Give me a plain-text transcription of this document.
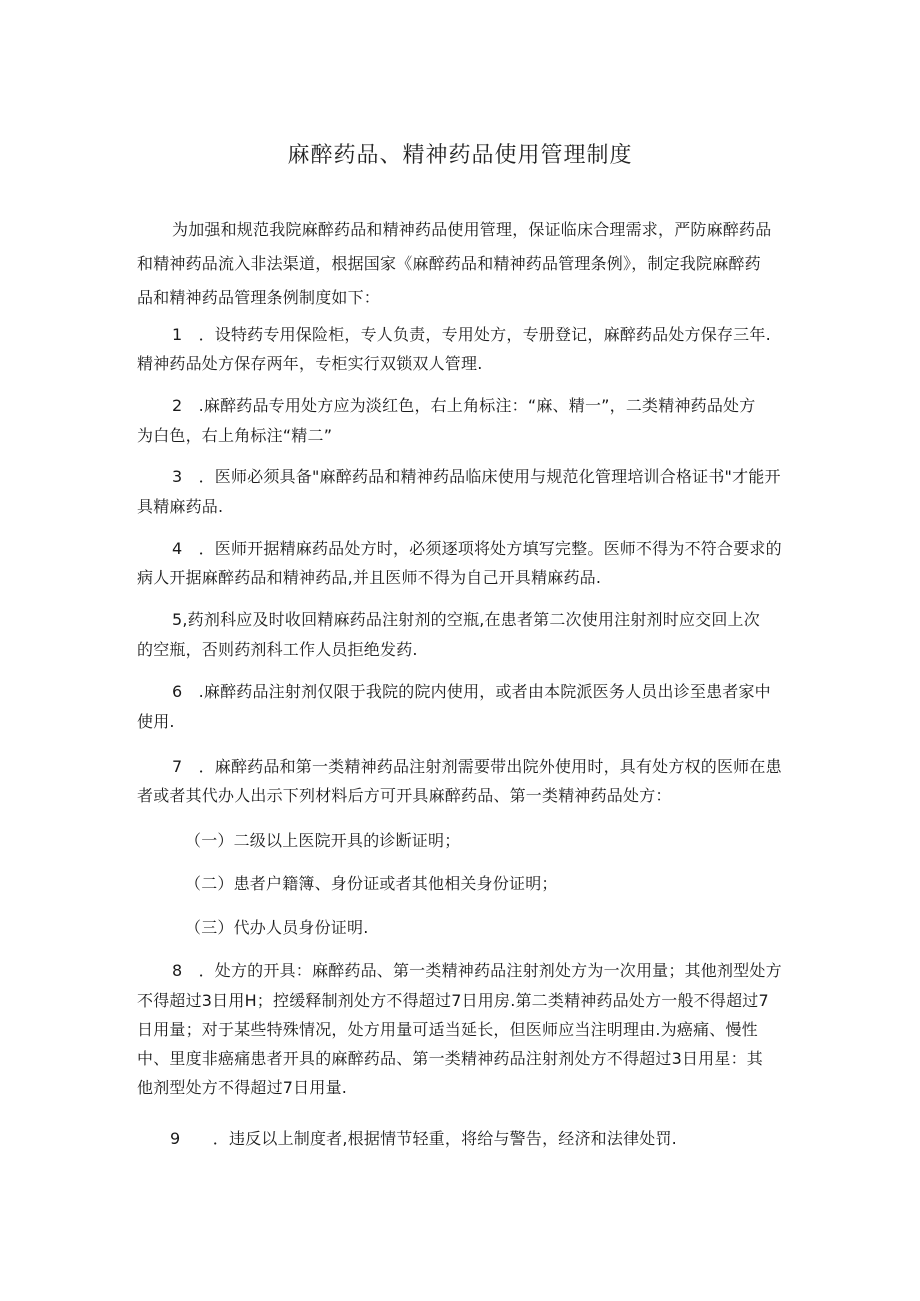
麻醉药品、精神药品使用管理制度
为加强和规范我院麻醉药品和精神药品使用管理，保证临床合理需求，严防麻醉药品
和精神药品流入非法渠道，根据国家《麻醉药品和精神药品管理条例》，制定我院麻醉药
品和精神药品管理条例制度如下：
1　．设特药专用保险柜，专人负责，专用处方，专册登记，麻醉药品处方保存三年.
精神药品处方保存两年，专柜实行双锁双人管理.
2　.麻醉药品专用处方应为淡红色，右上角标注：“麻、精一”，二类精神药品处方
为白色，右上角标注“精二”
3　．医师必须具备"麻醉药品和精神药品临床使用与规范化管理培训合格证书"才能开
具精麻药品.
4　．医师开据精麻药品处方时，必须逐项将处方填写完整。医师不得为不符合要求的
病人开据麻醉药品和精神药品,并且医师不得为自己开具精麻药品.
5,药剂科应及时收回精麻药品注射剂的空瓶,在患者第二次使用注射剂时应交回上次
的空瓶，否则药剂科工作人员拒绝发药.
6　.麻醉药品注射剂仅限于我院的院内使用，或者由本院派医务人员出诊至患者家中
使用.
7　．麻醉药品和第一类精神药品注射剂需要带出院外使用时，具有处方权的医师在患
者或者其代办人出示下列材料后方可开具麻醉药品、第一类精神药品处方：
（一）二级以上医院开具的诊断证明；
（二）患者户籍簿、身份证或者其他相关身份证明；
（三）代办人员身份证明.
8　．处方的开具：麻醉药品、第一类精神药品注射剂处方为一次用量；其他剂型处方
不得超过3日用H；控缓释制剂处方不得超过7日用房.第二类精神药品处方一般不得超过7
日用量；对于某些特殊情况，处方用量可适当延长，但医师应当注明理由.为癌痛、慢性
中、里度非癌痛患者开具的麻醉药品、第一类精神药品注射剂处方不得超过3日用星：其
他剂型处方不得超过7日用量.
9　　．违反以上制度者,根据情节轻重，将给与警告，经济和法律处罚.
